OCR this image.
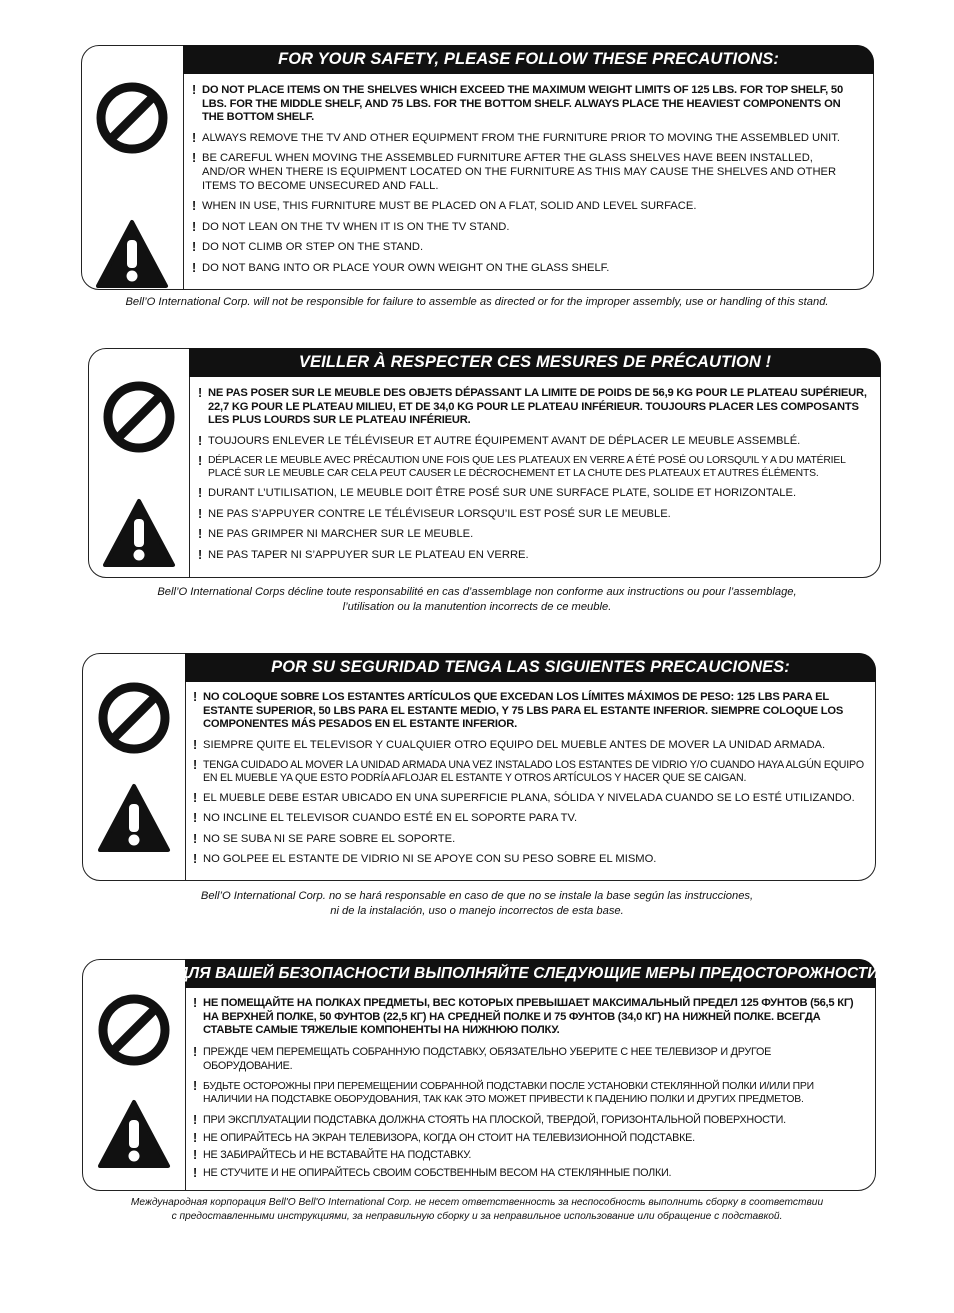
FOR YOUR SAFETY, PLEASE FOLLOW THESE PRECAUTIONS:
! DO NOT PLACE ITEMS ON THE SHELVES WHICH EXCEED THE MAXIMUM WEIGHT LIMITS OF 125 LBS. FOR TOP SHELF, 50 LBS. FOR THE MIDDLE SHELF, AND 75 LBS. FOR THE BOTTOM SHELF. ALWAYS PLACE THE HEAVIEST COMPONENTS ON THE BOTTOM SHELF.
! ALWAYS REMOVE THE TV AND OTHER EQUIPMENT FROM THE FURNITURE PRIOR TO MOVING THE ASSEMBLED UNIT.
! BE CAREFUL WHEN MOVING THE ASSEMBLED FURNITURE AFTER THE GLASS SHELVES HAVE BEEN INSTALLED, AND/OR WHEN THERE IS EQUIPMENT LOCATED ON THE FURNITURE AS THIS MAY CAUSE THE SHELVES AND OTHER ITEMS TO BECOME UNSECURED AND FALL.
! WHEN IN USE, THIS FURNITURE MUST BE PLACED ON A FLAT, SOLID AND LEVEL SURFACE.
! DO NOT LEAN ON THE TV WHEN IT IS ON THE TV STAND.
! DO NOT CLIMB OR STEP ON THE STAND.
! DO NOT BANG INTO OR PLACE YOUR OWN WEIGHT ON THE GLASS SHELF.
Bell’O International Corp. will not be responsible for failure to assemble as directed or for the improper assembly, use or handling of this stand.
VEILLER À RESPECTER CES MESURES DE PRÉCAUTION !
! NE PAS POSER SUR LE MEUBLE DES OBJETS DÉPASSANT LA LIMITE DE POIDS DE 56,9 KG POUR LE PLATEAU SUPÉRIEUR, 22,7 KG POUR LE PLATEAU MILIEU, ET DE 34,0 KG POUR LE PLATEAU INFÉRIEUR. TOUJOURS PLACER LES COMPOSANTS LES PLUS LOURDS SUR LE PLATEAU INFÉRIEUR.
! TOUJOURS ENLEVER LE TÉLÉVISEUR ET AUTRE ÉQUIPEMENT AVANT DE DÉPLACER LE MEUBLE ASSEMBLÉ.
! DÉPLACER LE MEUBLE AVEC PRÉCAUTION UNE FOIS QUE LES PLATEAUX EN VERRE A ÉTÉ POSÉ OU LORSQU'IL Y A DU MATÉRIEL PLACÉ SUR LE MEUBLE CAR CELA PEUT CAUSER LE DÉCROCHEMENT ET LA CHUTE DES PLATEAUX ET AUTRES ÉLÉMENTS.
! DURANT L’UTILISATION, LE MEUBLE DOIT ÊTRE POSÉ SUR UNE SURFACE PLATE, SOLIDE ET HORIZONTALE.
! NE PAS S’APPUYER CONTRE LE TÉLÉVISEUR LORSQU’IL EST POSÉ SUR LE MEUBLE.
! NE PAS GRIMPER NI MARCHER SUR LE MEUBLE.
! NE PAS TAPER NI S’APPUYER SUR LE PLATEAU EN VERRE.
Bell’O International Corps décline toute responsabilité en cas d’assemblage non conforme aux instructions ou pour l’assemblage,
l’utilisation ou la manutention incorrects de ce meuble.
POR SU SEGURIDAD TENGA LAS SIGUIENTES PRECAUCIONES:
! NO COLOQUE SOBRE LOS ESTANTES ARTÍCULOS QUE EXCEDAN LOS LÍMITES MÁXIMOS DE PESO: 125 LBS PARA EL ESTANTE SUPERIOR, 50 LBS PARA EL ESTANTE MEDIO, Y 75 LBS PARA EL ESTANTE INFERIOR. SIEMPRE COLOQUE LOS COMPONENTES MÁS PESADOS EN EL ESTANTE INFERIOR.
! SIEMPRE QUITE EL TELEVISOR Y CUALQUIER OTRO EQUIPO DEL MUEBLE ANTES DE MOVER LA UNIDAD ARMADA.
! TENGA CUIDADO AL MOVER LA UNIDAD ARMADA UNA VEZ INSTALADO LOS ESTANTES DE VIDRIO Y/O CUANDO HAYA ALGÚN EQUIPO EN EL MUEBLE YA QUE ESTO PODRÍA AFLOJAR EL ESTANTE Y OTROS ARTÍCULOS Y HACER QUE SE CAIGAN.
! EL MUEBLE DEBE ESTAR UBICADO EN UNA SUPERFICIE PLANA, SÓLIDA Y NIVELADA CUANDO SE LO ESTÉ UTILIZANDO.
! NO INCLINE EL TELEVISOR CUANDO ESTÉ EN EL SOPORTE PARA TV.
! NO SE SUBA NI SE PARE SOBRE EL SOPORTE.
! NO GOLPEE EL ESTANTE DE VIDRIO NI SE APOYE CON SU PESO SOBRE EL MISMO.
Bell’O International Corp. no se hará responsable en caso de que no se instale la base según las instrucciones,
ni de la instalación, uso o manejo incorrectos de esta base.
ДЛЯ ВАШЕЙ БЕЗОПАСНОСТИ ВЫПОЛНЯЙТЕ СЛЕДУЮЩИЕ МЕРЫ ПРЕДОСТОРОЖНОСТИ:
! НЕ ПОМЕЩАЙТЕ НА ПОЛКАХ ПРЕДМЕТЫ, ВЕС КОТОРЫХ ПРЕВЫШАЕТ МАКСИМАЛЬНЫЙ ПРЕДЕЛ 125 ФУНТОВ (56,5 КГ) НА ВЕРХНЕЙ ПОЛКЕ, 50 ФУНТОВ (22,5 КГ) НА СРЕДНЕЙ ПОЛКЕ И 75 ФУНТОВ (34,0 КГ) НА НИЖНЕЙ ПОЛКЕ. ВСЕГДА СТАВЬТЕ САМЫЕ ТЯЖЕЛЫЕ КОМПОНЕНТЫ НА НИЖНЮЮ ПОЛКУ.
! ПРЕЖДЕ ЧЕМ ПЕРЕМЕЩАТЬ СОБРАННУЮ ПОДСТАВКУ, ОБЯЗАТЕЛЬНО УБЕРИТЕ С НЕЕ ТЕЛЕВИЗОР И ДРУГОЕ ОБОРУДОВАНИЕ.
! БУДЬТЕ ОСТОРОЖНЫ ПРИ ПЕРЕМЕЩЕНИИ СОБРАННОЙ ПОДСТАВКИ ПОСЛЕ УСТАНОВКИ СТЕКЛЯННОЙ ПОЛКИ И/ИЛИ ПРИ НАЛИЧИИ НА ПОДСТАВКЕ ОБОРУДОВАНИЯ, ТАК КАК ЭТО МОЖЕТ ПРИВЕСТИ К ПАДЕНИЮ ПОЛКИ И ДРУГИХ ПРЕДМЕТОВ.
! ПРИ ЭКСПЛУАТАЦИИ ПОДСТАВКА ДОЛЖНА СТОЯТЬ НА ПЛОСКОЙ, ТВЕРДОЙ, ГОРИЗОНТАЛЬНОЙ ПОВЕРХНОСТИ.
! НЕ ОПИРАЙТЕСЬ НА ЭКРАН ТЕЛЕВИЗОРА, КОГДА ОН СТОИТ НА ТЕЛЕВИЗИОННОЙ ПОДСТАВКЕ.
! НЕ ЗАБИРАЙТЕСЬ И НЕ ВСТАВАЙТЕ НА ПОДСТАВКУ.
! НЕ СТУЧИТЕ И НЕ ОПИРАЙТЕСЬ СВОИМ СОБСТВЕННЫМ ВЕСОМ НА СТЕКЛЯННЫЕ ПОЛКИ.
Международная корпорация Bell'O Bell'O International Corp. не несет ответственность за неспособность выполнить сборку в соответствии
с предоставленными инструкциями, за неправильную сборку и за неправильное использование или обращение с подставкой.
